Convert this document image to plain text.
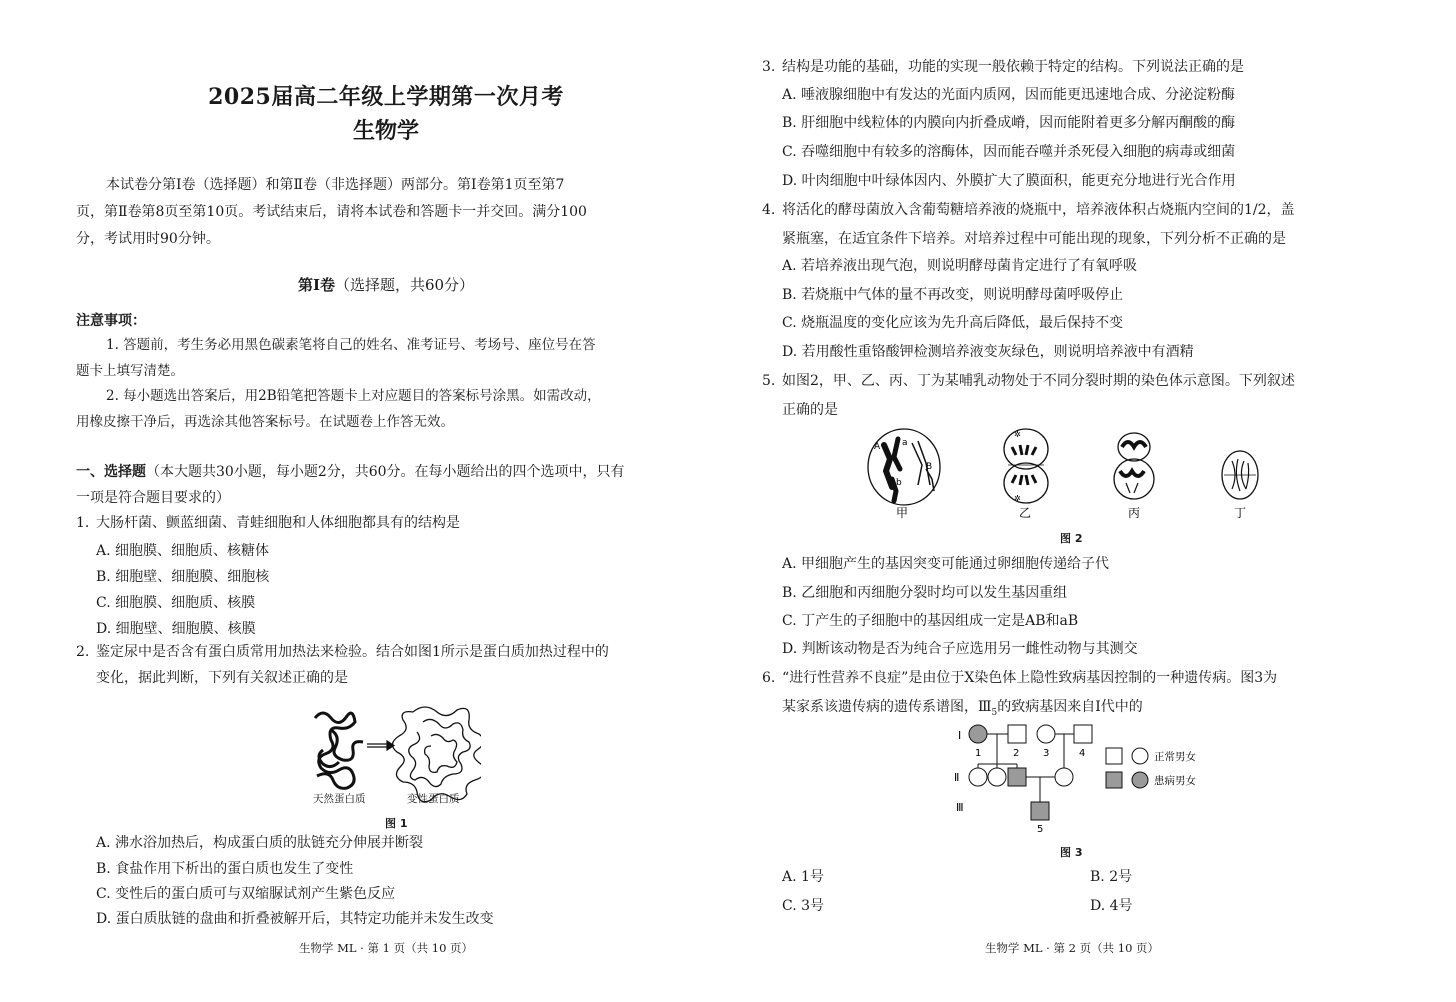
2025届高二年级上学期第一次月考
生物学
本试卷分第Ⅰ卷（选择题）和第Ⅱ卷（非选择题）两部分。第Ⅰ卷第1页至第7
页，第Ⅱ卷第8页至第10页。考试结束后，请将本试卷和答题卡一并交回。满分100
分，考试用时90分钟。
第Ⅰ卷（选择题，共60分）
注意事项：
1. 答题前，考生务必用黑色碳素笔将自己的姓名、准考证号、考场号、座位号在答
题卡上填写清楚。
2. 每小题选出答案后，用2B铅笔把答题卡上对应题目的答案标号涂黑。如需改动，
用橡皮擦干净后，再选涂其他答案标号。在试题卷上作答无效。
一、选择题（本大题共30小题，每小题2分，共60分。在每小题给出的四个选项中，只有
一项是符合题目要求的）
1. 大肠杆菌、颤蓝细菌、青蛙细胞和人体细胞都具有的结构是
A. 细胞膜、细胞质、核糖体
B. 细胞壁、细胞膜、细胞核
C. 细胞膜、细胞质、核膜
D. 细胞壁、细胞膜、核膜
2. 鉴定尿中是否含有蛋白质常用加热法来检验。结合如图1所示是蛋白质加热过程中的
变化，据此判断，下列有关叙述正确的是
天然蛋白质	变性蛋白质
图 1
A. 沸水浴加热后，构成蛋白质的肽链充分伸展并断裂
B. 食盐作用下析出的蛋白质也发生了变性
C. 变性后的蛋白质可与双缩脲试剂产生紫色反应
D. 蛋白质肽链的盘曲和折叠被解开后，其特定功能并未发生改变
生物学 ML · 第 1 页（共 10 页）
3. 结构是功能的基础，功能的实现一般依赖于特定的结构。下列说法正确的是
A. 唾液腺细胞中有发达的光面内质网，因而能更迅速地合成、分泌淀粉酶
B. 肝细胞中线粒体的内膜向内折叠成嵴，因而能附着更多分解丙酮酸的酶
C. 吞噬细胞中有较多的溶酶体，因而能吞噬并杀死侵入细胞的病毒或细菌
D. 叶肉细胞中叶绿体因内、外膜扩大了膜面积，能更充分地进行光合作用
4. 将活化的酵母菌放入含葡萄糖培养液的烧瓶中，培养液体积占烧瓶内空间的1/2，盖
紧瓶塞，在适宜条件下培养。对培养过程中可能出现的现象，下列分析不正确的是
A. 若培养液出现气泡，则说明酵母菌肯定进行了有氧呼吸
B. 若烧瓶中气体的量不再改变，则说明酵母菌呼吸停止
C. 烧瓶温度的变化应该为先升高后降低，最后保持不变
D. 若用酸性重铬酸钾检测培养液变灰绿色，则说明培养液中有酒精
5. 如图2，甲、乙、丙、丁为某哺乳动物处于不同分裂时期的染色体示意图。下列叙述
正确的是
A a
B
b
✲
✲
甲	乙	丙	丁
图 2
A. 甲细胞产生的基因突变可能通过卵细胞传递给子代
B. 乙细胞和丙细胞分裂时均可以发生基因重组
C. 丁产生的子细胞中的基因组成一定是AB和aB
D. 判断该动物是否为纯合子应选用另一雌性动物与其测交
6. “进行性营养不良症”是由位于X染色体上隐性致病基因控制的一种遗传病。图3为
某家系该遗传病的遗传系谱图，$Ⅲ_5$的致病基因来自Ⅰ代中的
Ⅰ
Ⅱ
Ⅲ
1	2 3	4
5
正常男女
患病男女
图 3
A. 1号	B. 2号
C. 3号	D. 4号
生物学 ML · 第 2 页（共 10 页）
